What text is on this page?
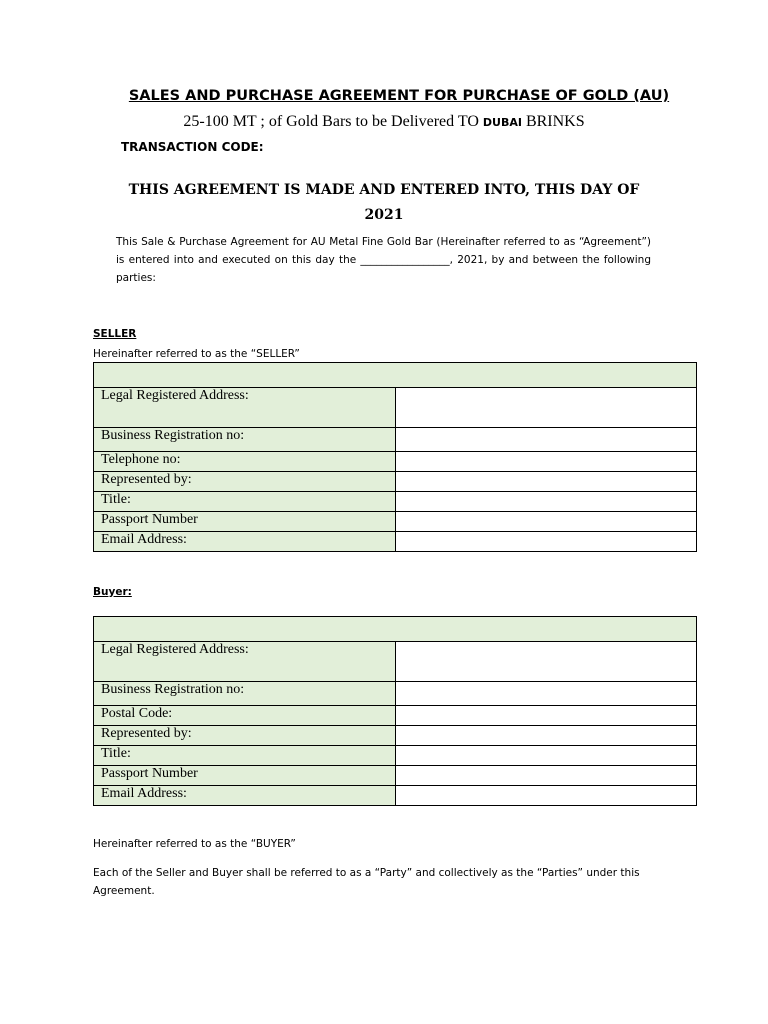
SALES AND PURCHASE AGREEMENT FOR PURCHASE OF GOLD (AU)
25-100 MT ; of Gold Bars to be Delivered TO DUBAI BRINKS
TRANSACTION CODE:
THIS AGREEMENT IS MADE AND ENTERED INTO, THIS DAY OF
2021
This Sale & Purchase Agreement for AU Metal Fine Gold Bar (Hereinafter referred to as “Agreement”) is entered into and executed on this day the _________________, 2021, by and between the following parties:
SELLER
Hereinafter referred to as the “SELLER”

Legal Registered Address:	
Business Registration no:	
Telephone no:	
Represented by:	
Title:	
Passport Number	
Email Address:	
Buyer:

Legal Registered Address:	
Business Registration no:	
Postal Code:	
Represented by:	
Title:	
Passport Number	
Email Address:	
Hereinafter referred to as the “BUYER”
Each of the Seller and Buyer shall be referred to as a “Party” and collectively as the “Parties” under this Agreement.
